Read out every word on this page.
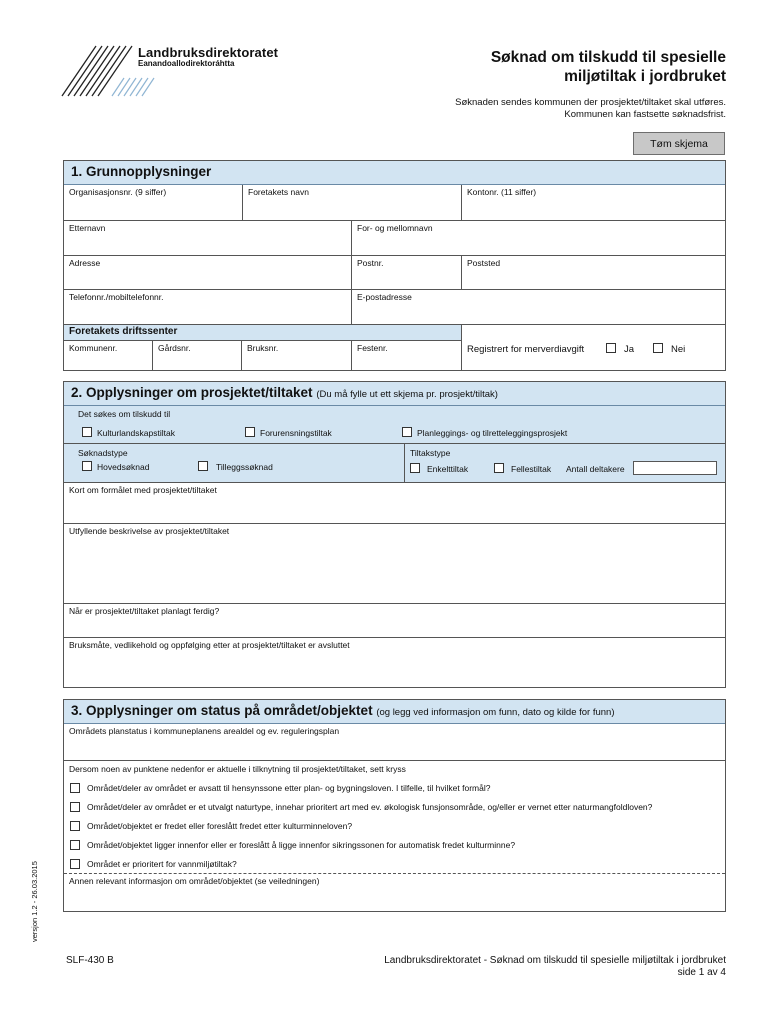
Landbruksdirektoratet
Eanandoallodirektoráhtta	Søknad om tilskudd til spesielle
miljøtiltak i jordbruket
Søknaden sendes kommunen der prosjektet/tiltaket skal utføres.
Kommunen kan fastsette søknadsfrist.
Tøm skjema
1. Grunnopplysninger
Organisasjonsnr. (9 siffer)	Foretakets navn	Kontonr. (11 siffer)
Etternavn	For- og mellomnavn
Adresse	Postnr.	Poststed
Telefonnr./mobiltelefonnr.	E-postadresse
Foretakets driftssenter
Kommunenr.	Gårdsnr.	Bruksnr.	Festenr.	Registrert for merverdiavgift	Ja	Nei
2. Opplysninger om prosjektet/tiltaket (Du må fylle ut ett skjema pr. prosjekt/tiltak)
Det søkes om tilskudd til
Kulturlandskapstiltak	Forurensningstiltak	Planleggings- og tilretteleggingsprosjekt
Søknadstype
Hovedsøknad	Tilleggssøknad
Tiltakstype
Enkelttiltak	Fellestiltak Antall deltakere
Kort om formålet med prosjektet/tiltaket
Utfyllende beskrivelse av prosjektet/tiltaket
Når er prosjektet/tiltaket planlagt ferdig?
Bruksmåte, vedlikehold og oppfølging etter at prosjektet/tiltaket er avsluttet
3. Opplysninger om status på området/objektet (og legg ved informasjon om funn, dato og kilde for funn)
Områdets planstatus i kommuneplanens arealdel og ev. reguleringsplan
Dersom noen av punktene nedenfor er aktuelle i tilknytning til prosjektet/tiltaket, sett kryss
Området/deler av området er avsatt til hensynssone etter plan- og bygningsloven. I tilfelle, til hvilket formål?
Området/deler av området er et utvalgt naturtype, innehar prioritert art med ev. økologisk funsjonsområde, og/eller er vernet etter naturmangfoldloven?
Området/objektet er fredet eller foreslått fredet etter kulturminneloven?
Området/objektet ligger innenfor eller er foreslått å ligge innenfor sikringssonen for automatisk fredet kulturminne?
Området er prioritert for vannmiljøtiltak?
Annen relevant informasjon om området/objektet (se veiledningen)
versjon 1.2 - 26.03.2015
SLF-430 B	Landbruksdirektoratet - Søknad om tilskudd til spesielle miljøtiltak i jordbruket
side 1 av 4
